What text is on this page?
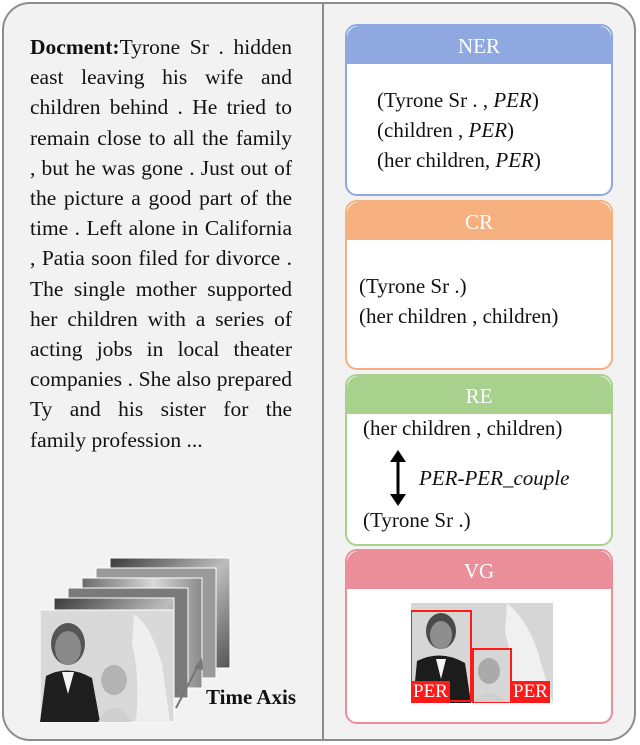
Docment:Tyrone Sr . hidden east leaving his wife and children behind . He tried to remain close to all the family , but he was gone . Just out of the picture a good part of the time . Left alone in California , Patia soon filed for divorce . The single mother supported her children with a series of acting jobs in local theater companies . She also prepared Ty and his sister for the family profession ...
Time Axis
NER
(Tyrone Sr . , PER)
(children , PER)
(her children, PER)
CR
(Tyrone Sr .)
(her children , children)
RE
(her children , children)
PER-PER_couple
(Tyrone Sr .)
VG
PER	PER
